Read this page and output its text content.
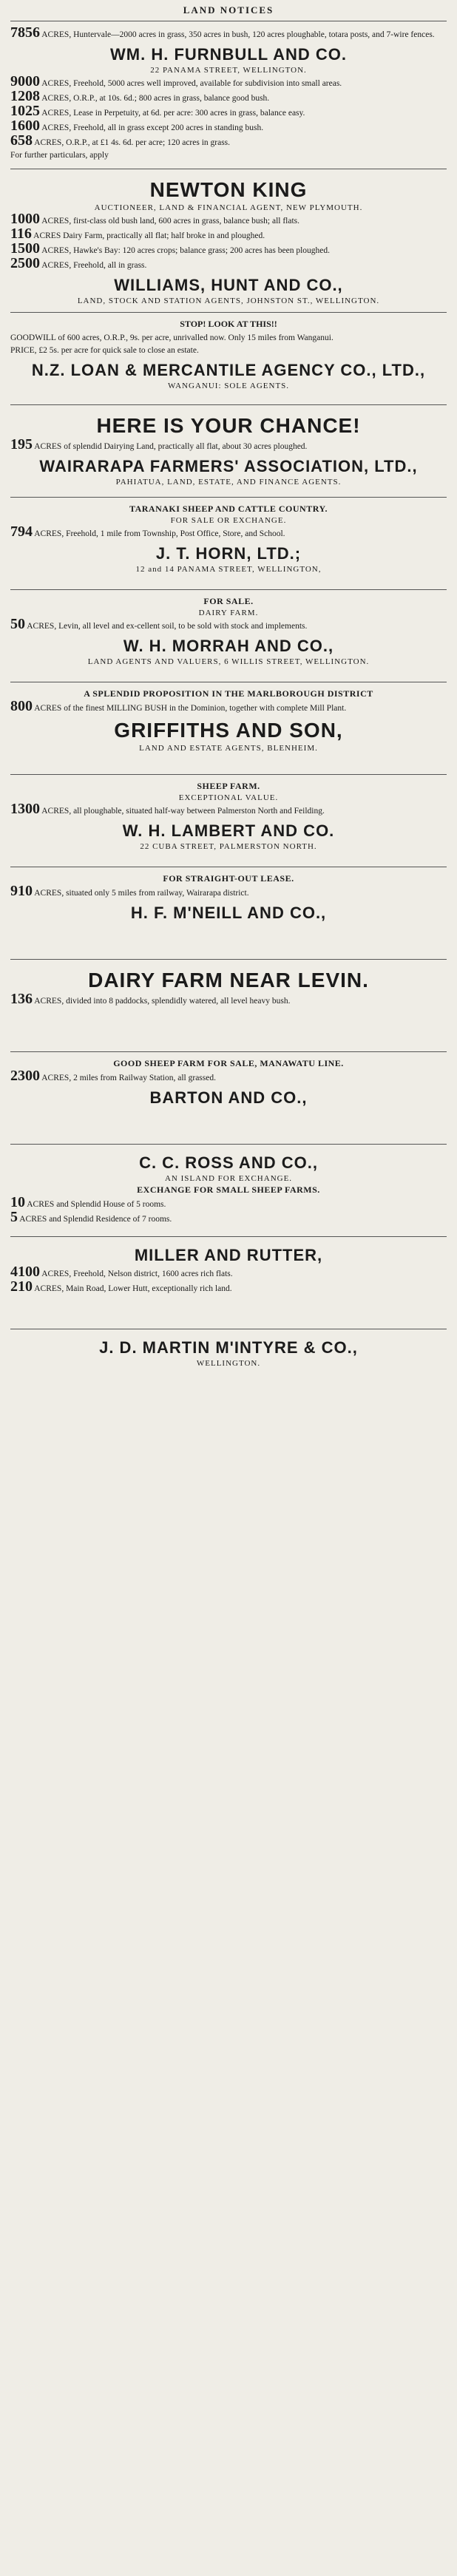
LAND NOTICES

7856 ACRES, Huntervale—2000 acres in grass, 350 acres in bush, 120 acres ploughable, totara posts, and 7-wire fences.

WM. H. FURNBULL AND CO.
22 PANAMA STREET, WELLINGTON.

9000 ACRES, Freehold, 5000 acres well improved, available for subdivision into small areas.

1208 ACRES, O.R.P., at 10s. 6d.; 800 acres in grass, balance good bush.

1025 ACRES, Lease in Perpetuity, at 6d. per acre: 300 acres in grass, balance easy.

1600 ACRES, Freehold, all in grass except 200 acres in standing bush.

658 ACRES, O.R.P., at £1 4s. 6d. per acre; 120 acres in grass.

For further particulars, apply

NEWTON KING
AUCTIONEER, LAND & FINANCIAL AGENT, NEW PLYMOUTH.

1000 ACRES, first-class old bush land, 600 acres in grass, balance bush; all flats.

116 ACRES Dairy Farm, practically all flat; half broke in and ploughed.

1500 ACRES, Hawke's Bay: 120 acres crops; balance grass; 200 acres has been ploughed.

2500 ACRES, Freehold, all in grass.

WILLIAMS, HUNT AND CO.,
LAND, STOCK AND STATION AGENTS, JOHNSTON ST., WELLINGTON.
STOP! LOOK AT THIS!!

GOODWILL of 600 acres, O.R.P., 9s. per acre, unrivalled now. Only 15 miles from Wanganui.

PRICE, £2 5s. per acre for quick sale to close an estate.

N.Z. LOAN & MERCANTILE AGENCY CO., LTD.,
WANGANUI: SOLE AGENTS.
HERE IS YOUR CHANCE!

195 ACRES of splendid Dairying Land, practically all flat, about 30 acres ploughed.

WAIRARAPA FARMERS' ASSOCIATION, LTD.,
PAHIATUA, LAND, ESTATE, AND FINANCE AGENTS.
TARANAKI SHEEP AND CATTLE COUNTRY.
FOR SALE OR EXCHANGE.

794 ACRES, Freehold, 1 mile from Township, Post Office, Store, and School.

J. T. HORN, LTD.;
12 and 14 PANAMA STREET, WELLINGTON,
FOR SALE.
DAIRY FARM.

50 ACRES, Levin, all level and ex-cellent soil, to be sold with stock and implements.

W. H. MORRAH AND CO.,
LAND AGENTS AND VALUERS, 6 WILLIS STREET, WELLINGTON.
A SPLENDID PROPOSITION IN THE MARLBOROUGH DISTRICT

800 ACRES of the finest MILLING BUSH in the Dominion, together with complete Mill Plant.

GRIFFITHS AND SON,
LAND AND ESTATE AGENTS, BLENHEIM.
SHEEP FARM.
EXCEPTIONAL VALUE.

1300 ACRES, all ploughable, situated half-way between Palmerston North and Feilding.

W. H. LAMBERT AND CO.
22 CUBA STREET, PALMERSTON NORTH.
FOR STRAIGHT-OUT LEASE.

910 ACRES, situated only 5 miles from railway, Wairarapa district.

H. F. M'NEILL AND CO.,
DAIRY FARM NEAR LEVIN.

136 ACRES, divided into 8 paddocks, splendidly watered, all level heavy bush.

GOOD SHEEP FARM FOR SALE, MANAWATU LINE.

2300 ACRES, 2 miles from Railway Station, all grassed.

BARTON AND CO.,
C. C. ROSS AND CO.,
AN ISLAND FOR EXCHANGE.
EXCHANGE FOR SMALL SHEEP FARMS.

10 ACRES and Splendid House of 5 rooms.

5 ACRES and Splendid Residence of 7 rooms.

MILLER AND RUTTER,

4100 ACRES, Freehold, Nelson district, 1600 acres rich flats.

210 ACRES, Main Road, Lower Hutt, exceptionally rich land.

J. D. MARTIN M'INTYRE & CO.,
WELLINGTON.
